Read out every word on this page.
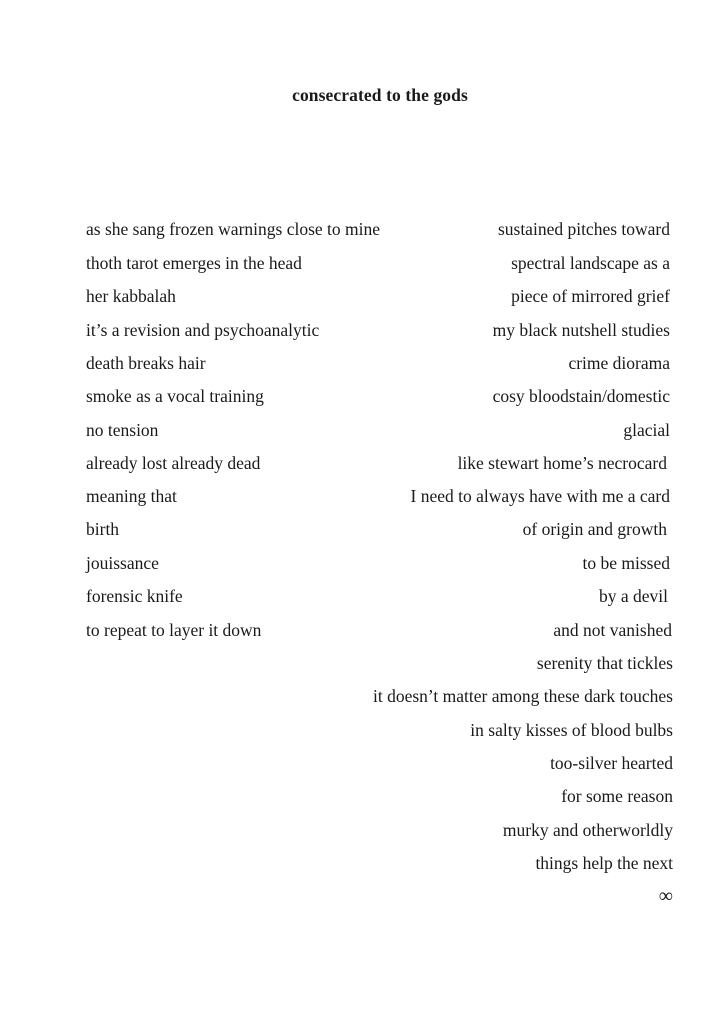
consecrated to the gods
as she sang frozen warnings close to mine
thoth tarot emerges in the head
her kabbalah
it’s a revision and psychoanalytic
death breaks hair
smoke as a vocal training
no tension
already lost already dead
meaning that
birth
jouissance
forensic knife
to repeat to layer it down
sustained pitches toward
spectral landscape as a
piece of mirrored grief
my black nutshell studies
crime diorama
cosy bloodstain/domestic
glacial
like stewart home’s necrocard
I need to always have with me a card
of origin and growth
to be missed
by a devil
and not vanished
serenity that tickles
it doesn’t matter among these dark touches
in salty kisses of blood bulbs
too-silver hearted
for some reason
murky and otherworldly
things help the next
∞
